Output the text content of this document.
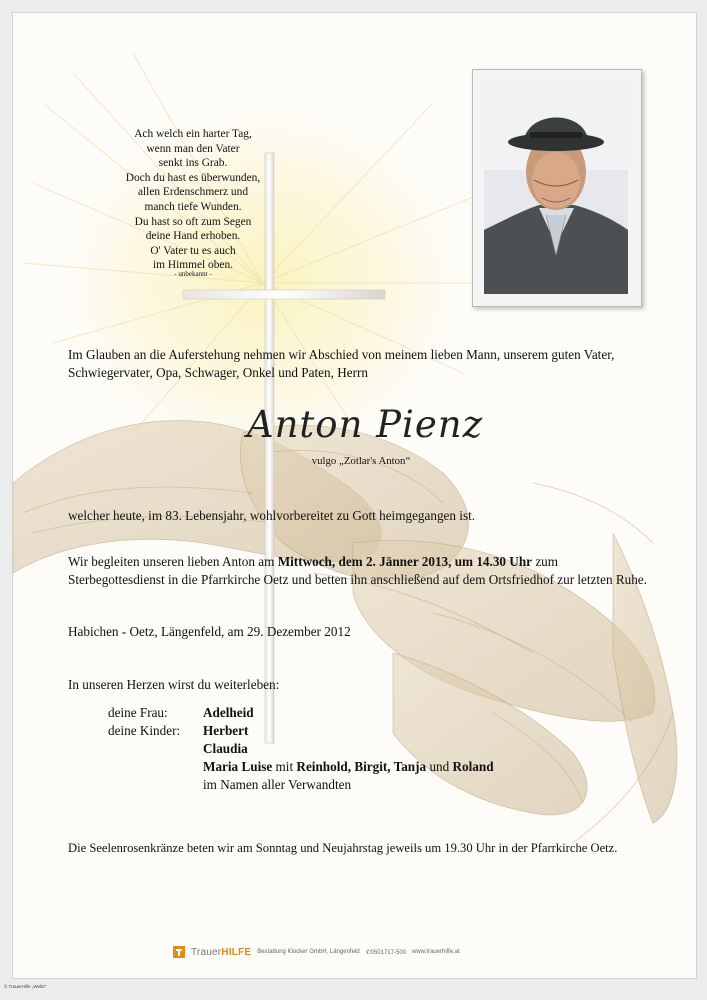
Ach welch ein harter Tag,
wenn man den Vater
senkt ins Grab.
Doch du hast es überwunden,
allen Erdenschmerz und
manch tiefe Wunden.
Du hast so oft zum Segen
deine Hand erhoben.
O' Vater tu es auch
im Himmel oben.
- unbekannt -
Im Glauben an die Auferstehung nehmen wir Abschied von meinem lieben Mann, unserem guten Vater, Schwiegervater, Opa, Schwager, Onkel und Paten, Herrn
Anton Pienz
vulgo „Zotlar's Anton“
welcher heute, im 83. Lebensjahr, wohlvorbereitet zu Gott heimgegangen ist.
Wir begleiten unseren lieben Anton am Mittwoch, dem 2. Jänner 2013, um 14.30 Uhr zum Sterbegottesdienst in die Pfarrkirche Oetz und betten ihn anschließend auf dem Ortsfriedhof zur letzten Ruhe.
Habichen - Oetz, Längenfeld, am 29. Dezember 2012
In unseren Herzen wirst du weiterleben:
deine Frau:	Adelheid
deine Kinder: Herbert
Claudia
Maria Luise mit Reinhold, Birgit, Tanja und Roland
im Namen aller Verwandten
Die Seelenrosenkränze beten wir am Sonntag und Neujahrstag jeweils um 19.30 Uhr in der Pfarrkirche Oetz.
TrauerHILFE Bestattung Klocker GmbH, Längenfeld ✆0501717-500 www.trauerhilfe.at
© TrauerHilfe „Welt2“
